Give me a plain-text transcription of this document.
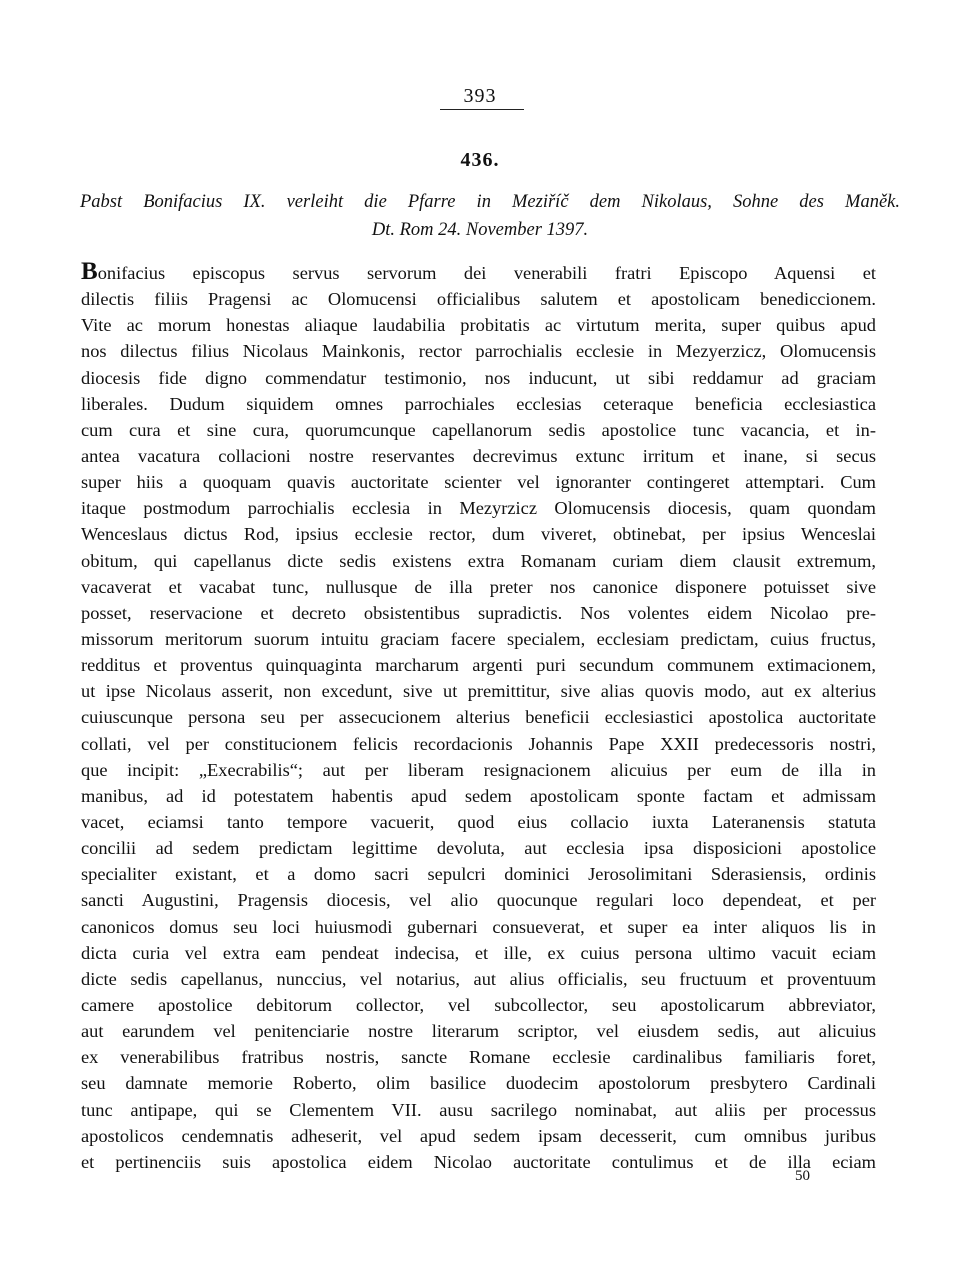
393
436.
Pabst Bonifacius IX. verleiht die Pfarre in Meziříč dem Nikolaus, Sohne des Maněk.
Dt. Rom 24. November 1397.
Bonifacius episcopus servus servorum dei venerabili fratri Episcopo Aquensi et
dilectis filiis Pragensi ac Olomucensi officialibus salutem et apostolicam benediccionem.
Vite ac morum honestas aliaque laudabilia probitatis ac virtutum merita, super quibus apud
nos dilectus filius Nicolaus Mainkonis, rector parrochialis ecclesie in Mezyerzicz, Olomucensis
diocesis fide digno commendatur testimonio, nos inducunt, ut sibi reddamur ad graciam
liberales. Dudum siquidem omnes parrochiales ecclesias ceteraque beneficia ecclesiastica
cum cura et sine cura, quorumcunque capellanorum sedis apostolice tunc vacancia, et in-
antea vacatura collacioni nostre reservantes decrevimus extunc irritum et inane, si secus
super hiis a quoquam quavis auctoritate scienter vel ignoranter contingeret attemptari. Cum
itaque postmodum parrochialis ecclesia in Mezyrzicz Olomucensis diocesis, quam quondam
Wenceslaus dictus Rod, ipsius ecclesie rector, dum viveret, obtinebat, per ipsius Wenceslai
obitum, qui capellanus dicte sedis existens extra Romanam curiam diem clausit extremum,
vacaverat et vacabat tunc, nullusque de illa preter nos canonice disponere potuisset sive
posset, reservacione et decreto obsistentibus supradictis. Nos volentes eidem Nicolao pre-
missorum meritorum suorum intuitu graciam facere specialem, ecclesiam predictam, cuius fructus,
redditus et proventus quinquaginta marcharum argenti puri secundum communem extimacionem,
ut ipse Nicolaus asserit, non excedunt, sive ut premittitur, sive alias quovis modo, aut ex alterius
cuiuscunque persona seu per assecucionem alterius beneficii ecclesiastici apostolica auctoritate
collati, vel per constitucionem felicis recordacionis Johannis Pape XXII predecessoris nostri,
que incipit: „Execrabilis“; aut per liberam resignacionem alicuius per eum de illa in
manibus, ad id potestatem habentis apud sedem apostolicam sponte factam et admissam
vacet, eciamsi tanto tempore vacuerit, quod eius collacio iuxta Lateranensis statuta
concilii ad sedem predictam legittime devoluta, aut ecclesia ipsa disposicioni apostolice
specialiter existant, et a domo sacri sepulcri dominici Jerosolimitani Sderasiensis, ordinis
sancti Augustini, Pragensis diocesis, vel alio quocunque regulari loco dependeat, et per
canonicos domus seu loci huiusmodi gubernari consueverat, et super ea inter aliquos lis in
dicta curia vel extra eam pendeat indecisa, et ille, ex cuius persona ultimo vacuit eciam
dicte sedis capellanus, nunccius, vel notarius, aut alius officialis, seu fructuum et proventuum
camere apostolice debitorum collector, vel subcollector, seu apostolicarum abbreviator,
aut earundem vel penitenciarie nostre literarum scriptor, vel eiusdem sedis, aut alicuius
ex venerabilibus fratribus nostris, sancte Romane ecclesie cardinalibus familiaris foret,
seu damnate memorie Roberto, olim basilice duodecim apostolorum presbytero Cardinali
tunc antipape, qui se Clementem VII. ausu sacrilego nominabat, aut aliis per processus
apostolicos cendemnatis adheserit, vel apud sedem ipsam decesserit, cum omnibus juribus
et pertinenciis suis apostolica eidem Nicolao auctoritate contulimus et de illa eciam
50
